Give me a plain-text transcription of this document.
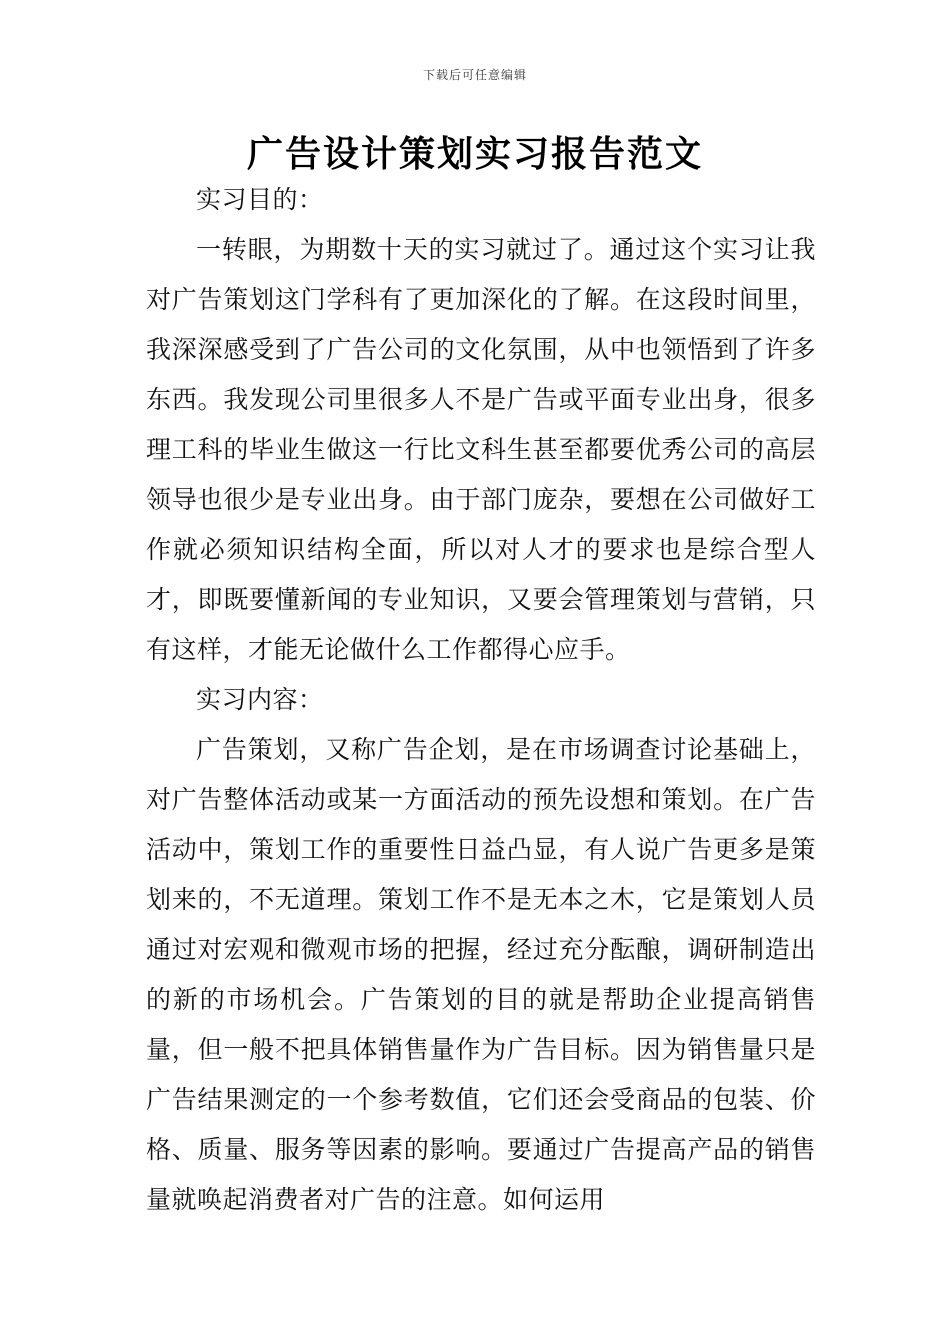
下载后可任意编辑
广告设计策划实习报告范文

实习目的：

一转眼，为期数十天的实习就过了。通过这个实习让我对广告策划这门学科有了更加深化的了解。在这段时间里，我深深感受到了广告公司的文化氛围，从中也领悟到了许多东西。我发现公司里很多人不是广告或平面专业出身，很多理工科的毕业生做这一行比文科生甚至都要优秀公司的高层领导也很少是专业出身。由于部门庞杂，要想在公司做好工作就必须知识结构全面，所以对人才的要求也是综合型人才，即既要懂新闻的专业知识，又要会管理策划与营销，只有这样，才能无论做什么工作都得心应手。

实习内容：

广告策划，又称广告企划，是在市场调查讨论基础上，对广告整体活动或某一方面活动的预先设想和策划。在广告活动中，策划工作的重要性日益凸显，有人说广告更多是策划来的，不无道理。策划工作不是无本之木，它是策划人员通过对宏观和微观市场的把握，经过充分酝酿，调研制造出的新的市场机会。广告策划的目的就是帮助企业提高销售量，但一般不把具体销售量作为广告目标。因为销售量只是广告结果测定的一个参考数值，它们还会受商品的包装、价格、质量、服务等因素的影响。要通过广告提高产品的销售量就唤起消费者对广告的注意。如何运用
